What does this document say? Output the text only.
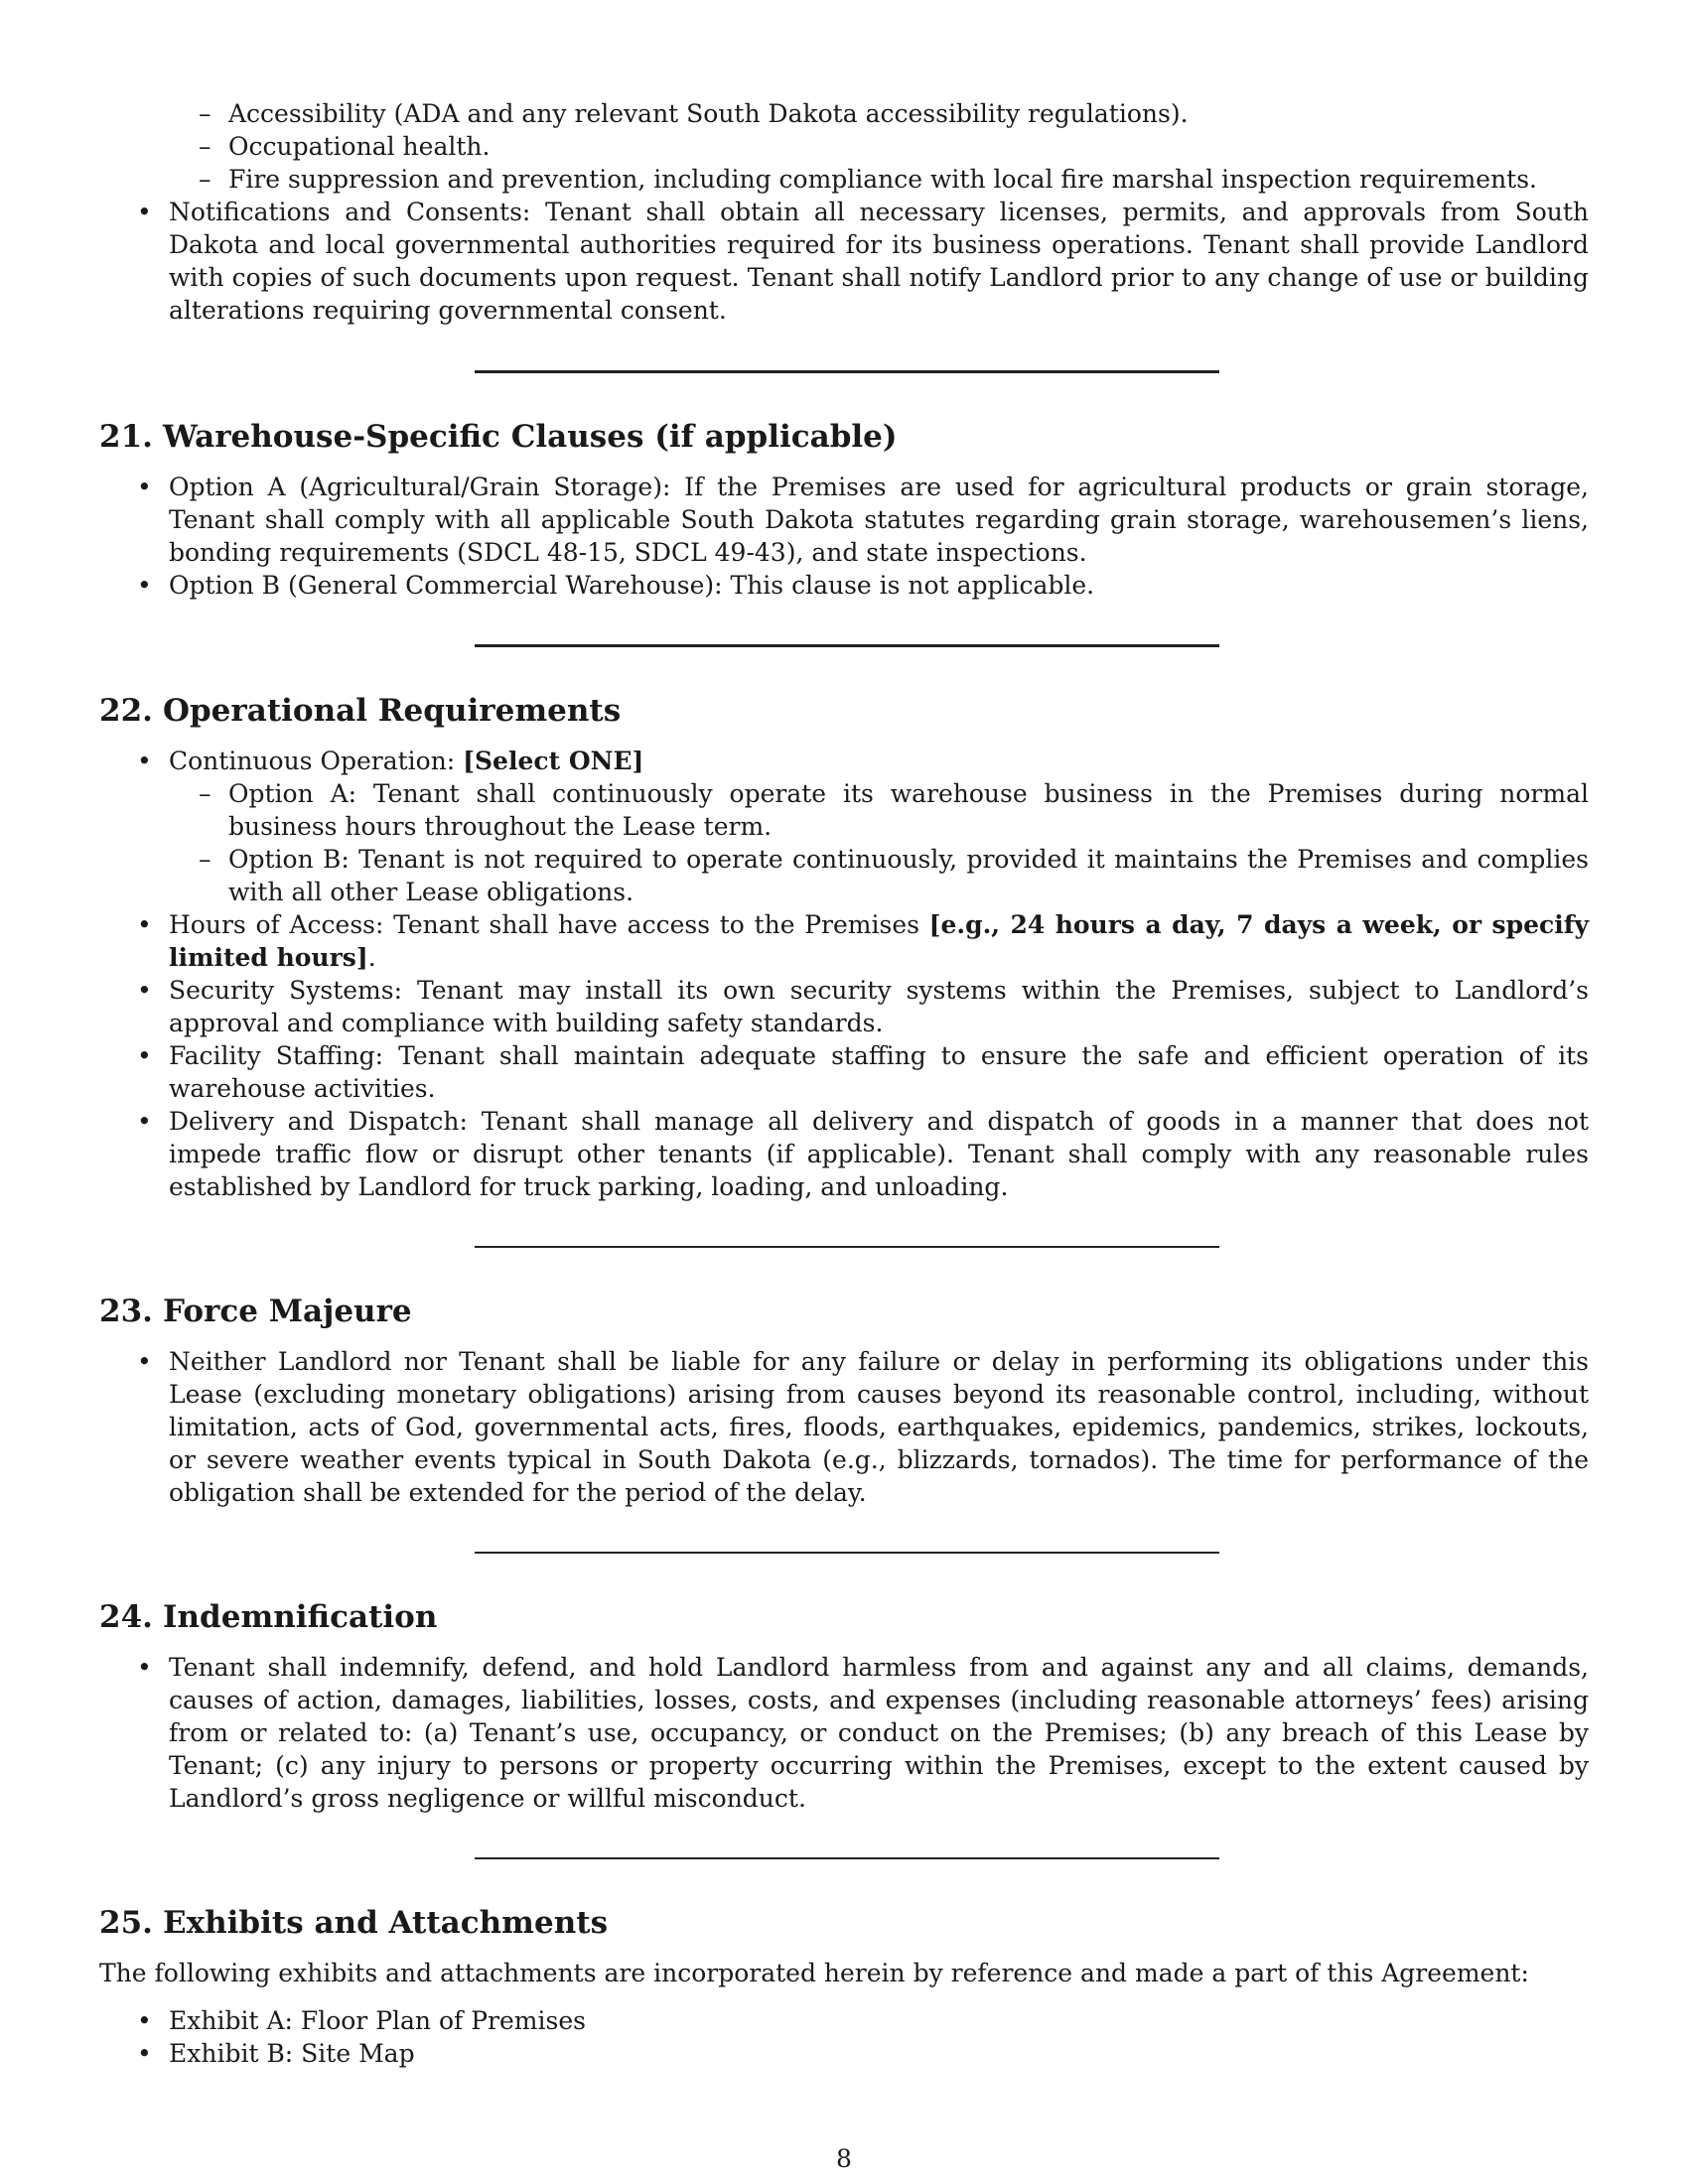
– Accessibility (ADA and any relevant South Dakota accessibility regulations).
– Occupational health.
– Fire suppression and prevention, including compliance with local fire marshal inspection requirements.
• Notifications and Consents: Tenant shall obtain all necessary licenses, permits, and approvals from South Dakota and local governmental authorities required for its business operations. Tenant shall provide Landlord with copies of such documents upon request. Tenant shall notify Landlord prior to any change of use or building alterations requiring governmental consent.
21. Warehouse-Specific Clauses (if applicable)
• Option A (Agricultural/Grain Storage): If the Premises are used for agricultural products or grain storage, Tenant shall comply with all applicable South Dakota statutes regarding grain storage, warehousemen’s liens, bonding requirements (SDCL 48-15, SDCL 49-43), and state inspections.
• Option B (General Commercial Warehouse): This clause is not applicable.
22. Operational Requirements
• Continuous Operation: [Select ONE]
– Option A: Tenant shall continuously operate its warehouse business in the Premises during normal business hours throughout the Lease term.
– Option B: Tenant is not required to operate continuously, provided it maintains the Premises and complies with all other Lease obligations.
• Hours of Access: Tenant shall have access to the Premises [e.g., 24 hours a day, 7 days a week, or specify limited hours].
• Security Systems: Tenant may install its own security systems within the Premises, subject to Landlord’s approval and compliance with building safety standards.
• Facility Staffing: Tenant shall maintain adequate staffing to ensure the safe and efficient operation of its warehouse activities.
• Delivery and Dispatch: Tenant shall manage all delivery and dispatch of goods in a manner that does not impede traffic flow or disrupt other tenants (if applicable). Tenant shall comply with any reasonable rules established by Landlord for truck parking, loading, and unloading.
23. Force Majeure
• Neither Landlord nor Tenant shall be liable for any failure or delay in performing its obligations under this Lease (excluding monetary obligations) arising from causes beyond its reasonable control, including, without limitation, acts of God, governmental acts, fires, floods, earthquakes, epidemics, pandemics, strikes, lockouts, or severe weather events typical in South Dakota (e.g., blizzards, tornados). The time for performance of the obligation shall be extended for the period of the delay.
24. Indemnification
• Tenant shall indemnify, defend, and hold Landlord harmless from and against any and all claims, demands, causes of action, damages, liabilities, losses, costs, and expenses (including reasonable attorneys’ fees) arising from or related to: (a) Tenant’s use, occupancy, or conduct on the Premises; (b) any breach of this Lease by Tenant; (c) any injury to persons or property occurring within the Premises, except to the extent caused by Landlord’s gross negligence or willful misconduct.
25. Exhibits and Attachments

The following exhibits and attachments are incorporated herein by reference and made a part of this Agreement:

• Exhibit A: Floor Plan of Premises
• Exhibit B: Site Map
8
